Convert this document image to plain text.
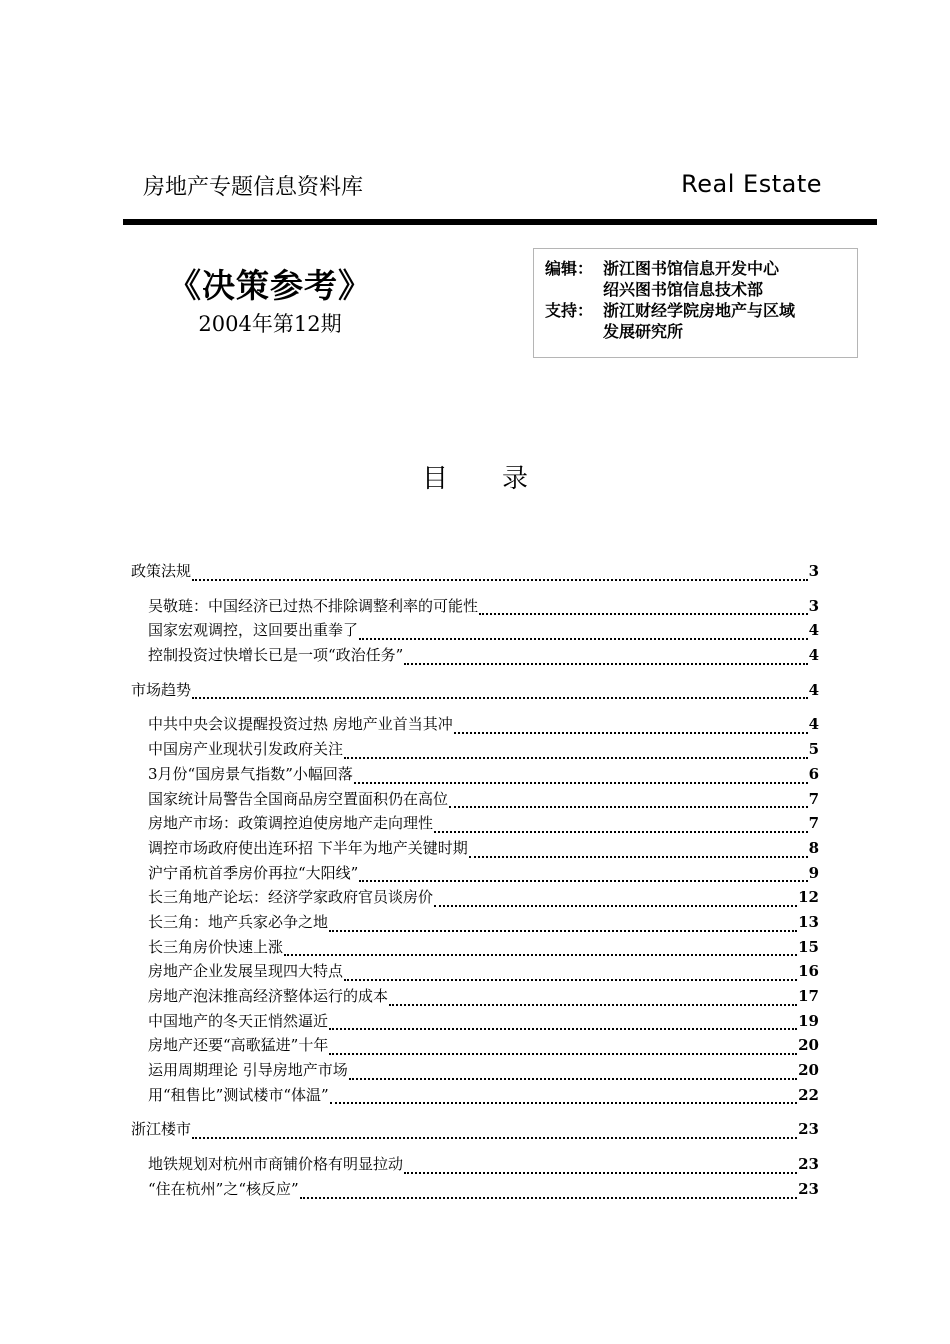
房地产专题信息资料库	Real Estate
《决策参考》
2004年第12期
编辑： 浙江图书馆信息开发中心
绍兴图书馆信息技术部
支持： 浙江财经学院房地产与区域
发展研究所
目录
政策法规	3
吴敬琏：中国经济已过热不排除调整利率的可能性	3
国家宏观调控，这回要出重拳了	4
控制投资过快增长已是一项“政治任务”	4
市场趋势	4
中共中央会议提醒投资过热 房地产业首当其冲	4
中国房产业现状引发政府关注	5
3月份“国房景气指数”小幅回落	6
国家统计局警告全国商品房空置面积仍在高位	7
房地产市场：政策调控迫使房地产走向理性	7
调控市场政府使出连环招 下半年为地产关键时期	8
沪宁甬杭首季房价再拉“大阳线”	9
长三角地产论坛：经济学家政府官员谈房价	12
长三角：地产兵家必争之地	13
长三角房价快速上涨	15
房地产企业发展呈现四大特点	16
房地产泡沫推高经济整体运行的成本	17
中国地产的冬天正悄然逼近	19
房地产还要“高歌猛进”十年	20
运用周期理论 引导房地产市场	20
用“租售比”测试楼市“体温”	22
浙江楼市	23
地铁规划对杭州市商铺价格有明显拉动	23
“住在杭州”之“核反应”	23
